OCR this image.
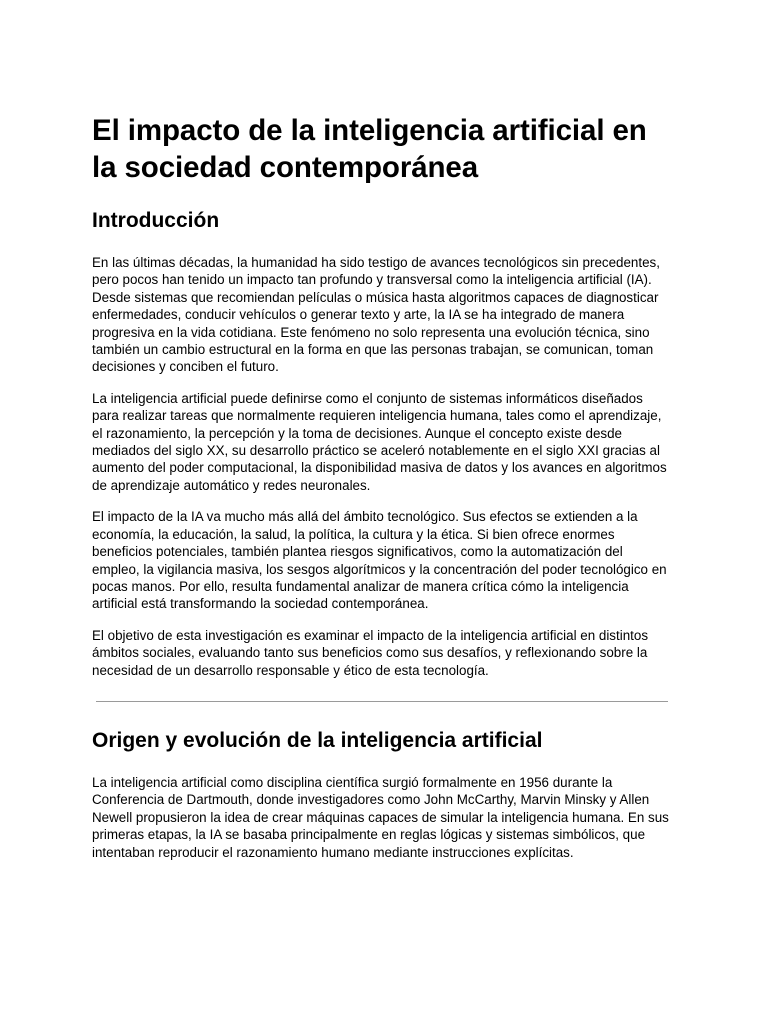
El impacto de la inteligencia artificial en la sociedad contemporánea
Introducción

En las últimas décadas, la humanidad ha sido testigo de avances tecnológicos sin precedentes, pero pocos han tenido un impacto tan profundo y transversal como la inteligencia artificial (IA). Desde sistemas que recomiendan películas o música hasta algoritmos capaces de diagnosticar enfermedades, conducir vehículos o generar texto y arte, la IA se ha integrado de manera progresiva en la vida cotidiana. Este fenómeno no solo representa una evolución técnica, sino también un cambio estructural en la forma en que las personas trabajan, se comunican, toman decisiones y conciben el futuro.

La inteligencia artificial puede definirse como el conjunto de sistemas informáticos diseñados para realizar tareas que normalmente requieren inteligencia humana, tales como el aprendizaje, el razonamiento, la percepción y la toma de decisiones. Aunque el concepto existe desde mediados del siglo XX, su desarrollo práctico se aceleró notablemente en el siglo XXI gracias al aumento del poder computacional, la disponibilidad masiva de datos y los avances en algoritmos de aprendizaje automático y redes neuronales.

El impacto de la IA va mucho más allá del ámbito tecnológico. Sus efectos se extienden a la economía, la educación, la salud, la política, la cultura y la ética. Si bien ofrece enormes beneficios potenciales, también plantea riesgos significativos, como la automatización del empleo, la vigilancia masiva, los sesgos algorítmicos y la concentración del poder tecnológico en pocas manos. Por ello, resulta fundamental analizar de manera crítica cómo la inteligencia artificial está transformando la sociedad contemporánea.

El objetivo de esta investigación es examinar el impacto de la inteligencia artificial en distintos ámbitos sociales, evaluando tanto sus beneficios como sus desafíos, y reflexionando sobre la necesidad de un desarrollo responsable y ético de esta tecnología.

Origen y evolución de la inteligencia artificial

La inteligencia artificial como disciplina científica surgió formalmente en 1956 durante la Conferencia de Dartmouth, donde investigadores como John McCarthy, Marvin Minsky y Allen Newell propusieron la idea de crear máquinas capaces de simular la inteligencia humana. En sus primeras etapas, la IA se basaba principalmente en reglas lógicas y sistemas simbólicos, que intentaban reproducir el razonamiento humano mediante instrucciones explícitas.
